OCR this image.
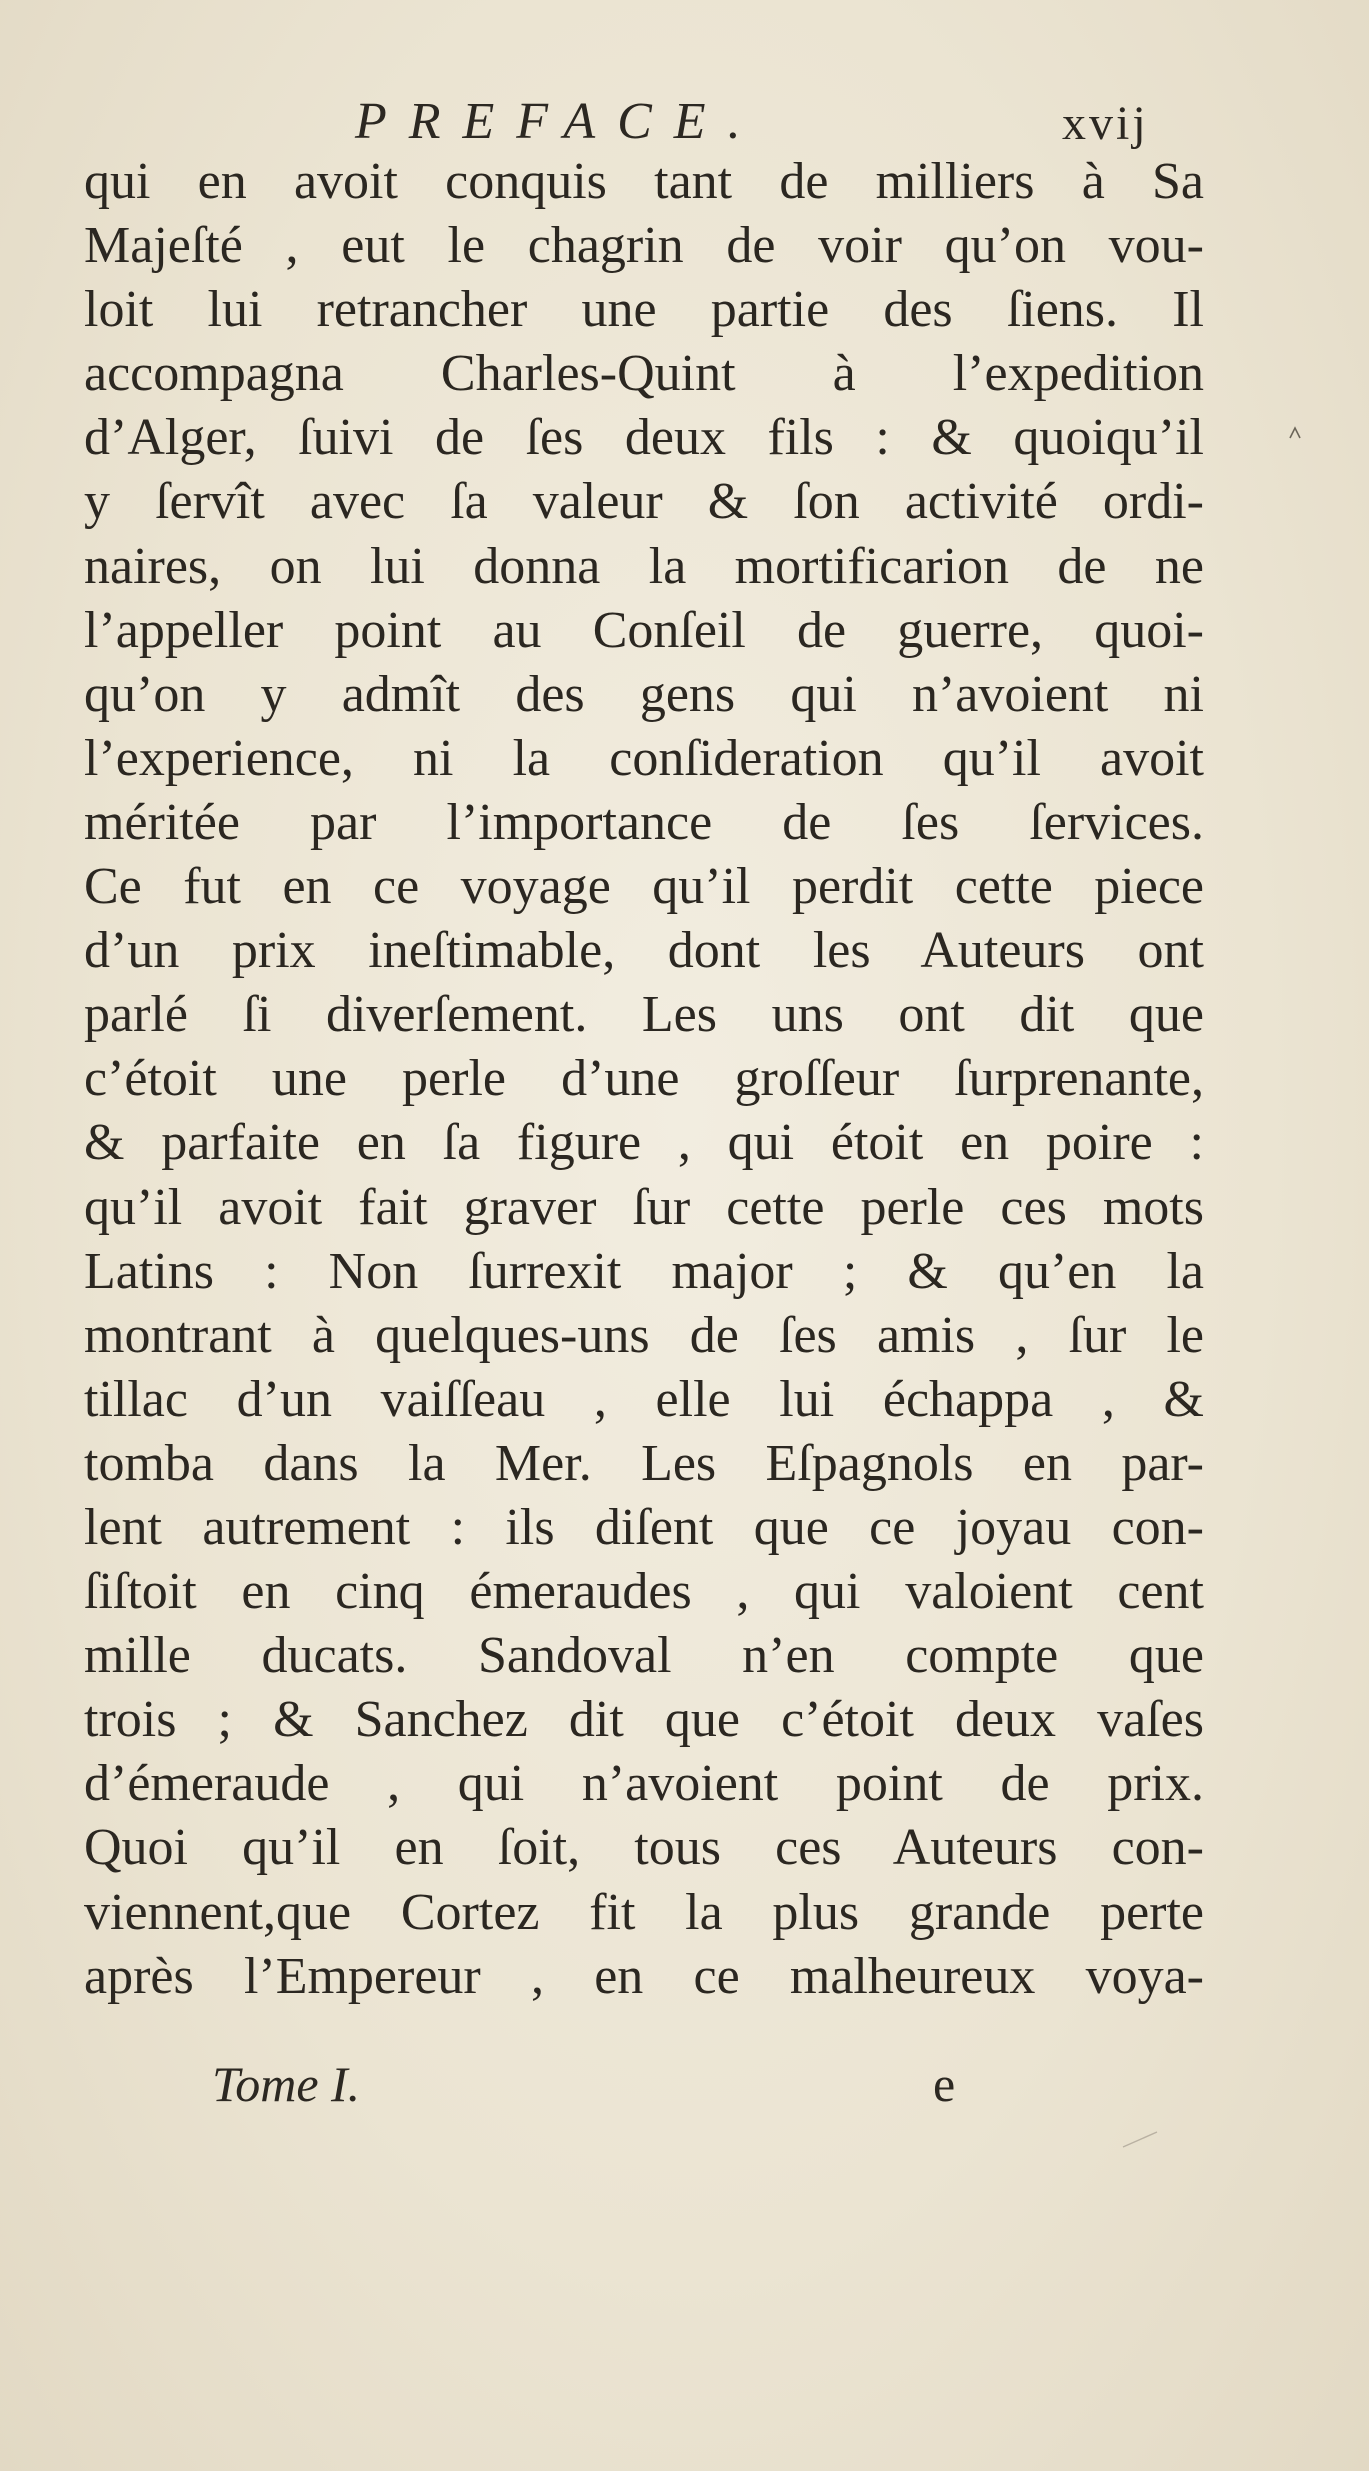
PREFACE.	xvij
qui en avoit conquis tant de milliers à Sa
Majeſté , eut le chagrin de voir qu’on vou-
loit lui retrancher une partie des ſiens. Il
accompagna Charles-Quint à l’expedition
d’Alger, ſuivi de ſes deux fils : & quoiqu’il
y ſervît avec ſa valeur & ſon activité ordi-
naires, on lui donna la mortificarion de ne
l’appeller point au Conſeil de guerre, quoi-
qu’on y admît des gens qui n’avoient ni
l’experience, ni la conſideration qu’il avoit
méritée par l’importance de ſes ſervices.
Ce fut en ce voyage qu’il perdit cette piece
d’un prix ineſtimable, dont les Auteurs ont
parlé ſi diverſement. Les uns ont dit que
c’étoit une perle d’une groſſeur ſurprenante,
& parfaite en ſa figure , qui étoit en poire :
qu’il avoit fait graver ſur cette perle ces mots
Latins : Non ſurrexit major ; & qu’en la
montrant à quelques-uns de ſes amis , ſur le
tillac d’un vaiſſeau , elle lui échappa , &
tomba dans la Mer. Les Eſpagnols en par-
lent autrement : ils diſent que ce joyau con-
ſiſtoit en cinq émeraudes , qui valoient cent
mille ducats. Sandoval n’en compte que
trois ; & Sanchez dit que c’étoit deux vaſes
d’émeraude , qui n’avoient point de prix.
Quoi qu’il en ſoit, tous ces Auteurs con-
viennent,que Cortez fit la plus grande perte
après l’Empereur , en ce malheureux voya-
Tome I.	e
